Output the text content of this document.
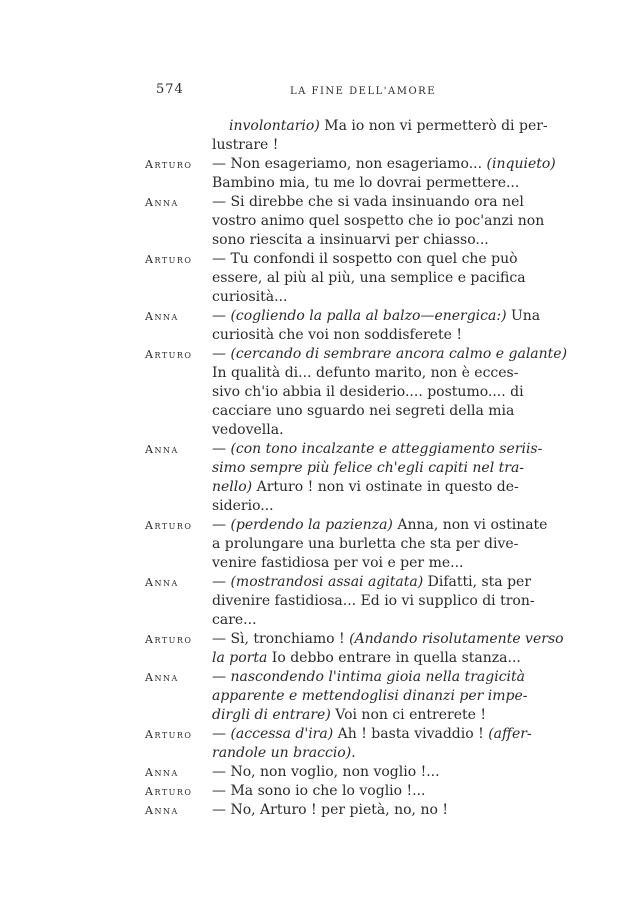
574	LA FINE DELL'AMORE
involontario) Ma io non vi permetterò di per-
lustrare !
Arturo — Non esageriamo, non esageriamo... (inquieto)
Bambino mia, tu me lo dovrai permettere...
Anna — Si direbbe che si vada insinuando ora nel
vostro animo quel sospetto che io poc'anzi non
sono riescita a insinuarvi per chiasso...
Arturo — Tu confondi il sospetto con quel che può
essere, al più al più, una semplice e pacifica
curiosità...
Anna — (cogliendo la palla al balzo—energica:) Una
curiosità che voi non soddisferete !
Arturo — (cercando di sembrare ancora calmo e galante)
In qualità di... defunto marito, non è ecces-
sivo ch'io abbia il desiderio.... postumo.... di
cacciare uno sguardo nei segreti della mia
vedovella.
Anna — (con tono incalzante e atteggiamento seriis-
simo sempre più felice ch'egli capiti nel tra-
nello) Arturo ! non vi ostinate in questo de-
siderio...
Arturo — (perdendo la pazienza) Anna, non vi ostinate
a prolungare una burletta che sta per dive-
venire fastidiosa per voi e per me...
Anna — (mostrandosi assai agitata) Difatti, sta per
divenire fastidiosa... Ed io vi supplico di tron-
care...
Arturo — Sì, tronchiamo ! (Andando risolutamente verso
la porta Io debbo entrare in quella stanza...
Anna — nascondendo l'intima gioia nella tragicità
apparente e mettendoglisi dinanzi per impe-
dirgli di entrare) Voi non ci entrerete !
Arturo — (accessa d'ira) Ah ! basta vivaddio ! (affer-
randole un braccio).
Anna — No, non voglio, non voglio !...
Arturo — Ma sono io che lo voglio !...
Anna — No, Arturo ! per pietà, no, no !
